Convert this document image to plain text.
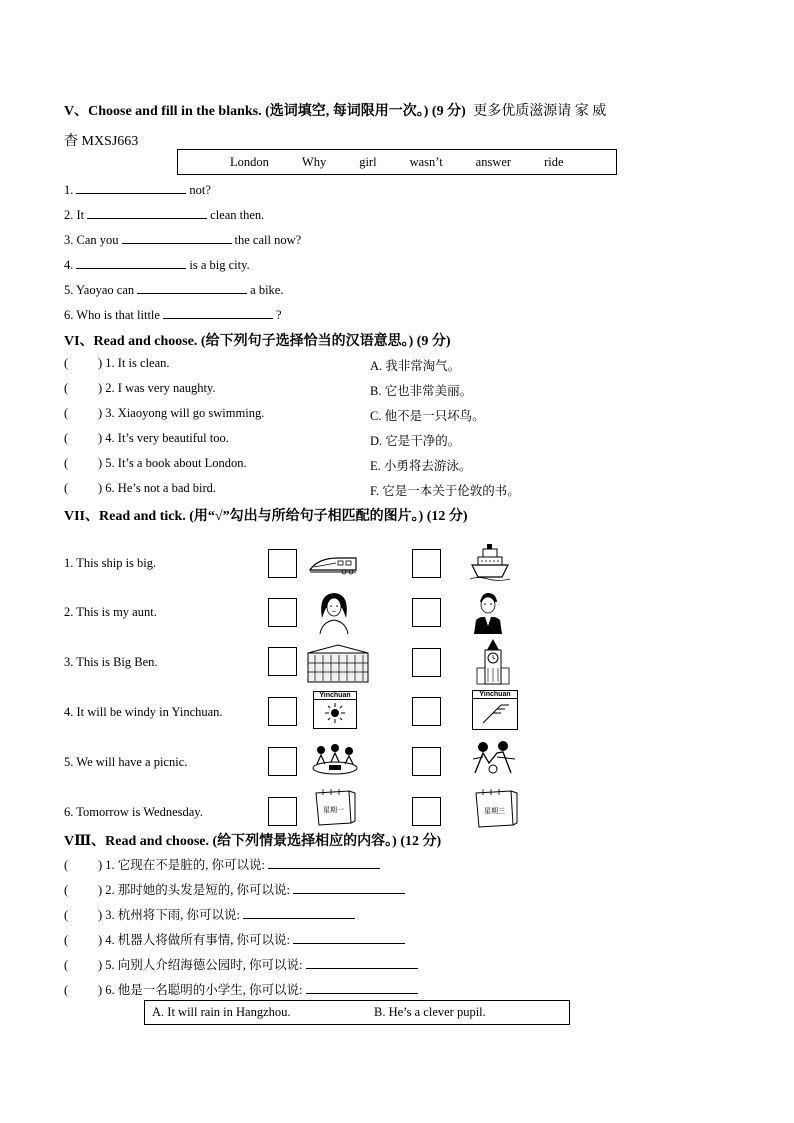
V、Choose and fill in the blanks. (选词填空, 每词限用一次。) (9 分) 更多优质滋源请 家 威
杳 MXSJ663
London	Why	girl	wasn’t	answer	ride
1.	not?
2. It	clean then.
3. Can you	the call now?
4.	is a big city.
5. Yaoyao can	a bike.
6. Who is that little	?
VI、Read and choose. (给下列句子选择恰当的汉语意思。) (9 分)
( ) 1. It is clean.	A. 我非常淘气。
( ) 2. I was very naughty.	B. 它也非常美丽。
( ) 3. Xiaoyong will go swimming.	C. 他不是一只坏鸟。
( ) 4. It’s very beautiful too.	D. 它是干净的。
( ) 5. It’s a book about London.	E. 小勇将去游泳。
( ) 6. He’s not a bad bird.	F. 它是一本关于伦敦的书。
VII、Read and tick. (用“√”勾出与所给句子相匹配的图片。) (12 分)
1. This ship is big.
2. This is my aunt.
3. This is Big Ben.
4. It will be windy in Yinchuan.
5. We will have a picnic.
6. Tomorrow is Wednesday.
Yinchuan	Yinchuan
星期一	星期三
VⅢ、Read and choose. (给下列情景选择相应的内容。) (12 分)
( ) 1. 它现在不是脏的, 你可以说:
( ) 2. 那时她的头发是短的, 你可以说:
( ) 3. 杭州将下雨, 你可以说:
( ) 4. 机器人将做所有事情, 你可以说:
( ) 5. 向别人介绍海德公园时, 你可以说:
( ) 6. 他是一名聪明的小学生, 你可以说:
A. It will rain in Hangzhou.	B. He’s a clever pupil.
